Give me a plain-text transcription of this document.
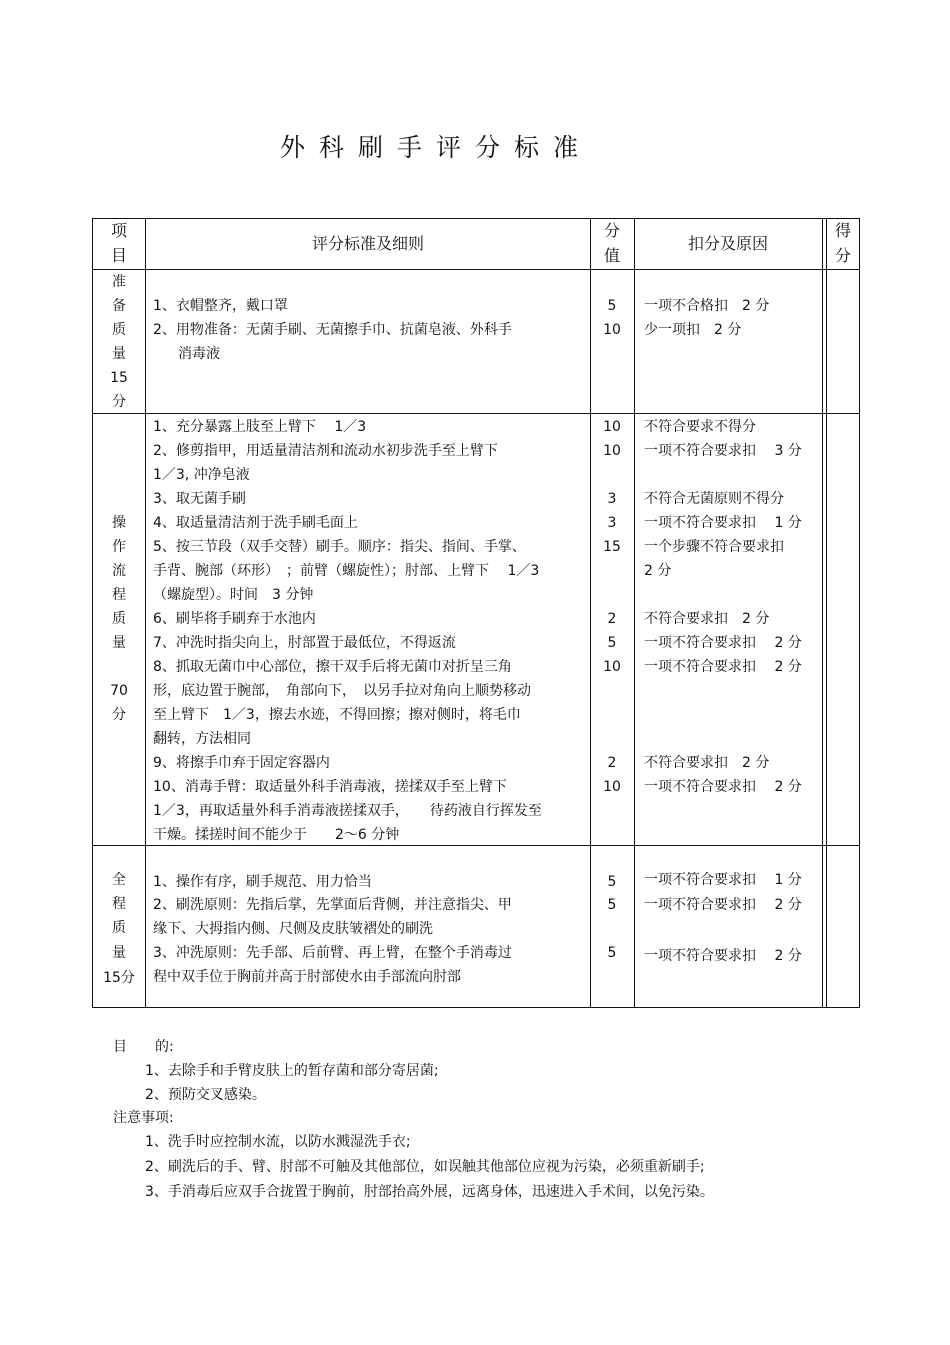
外科刷手评分标准
项
目
评分标准及细则
分
值
扣分及原因
得
分
准
备
质
量
15
分
1、衣帽整齐，戴口罩
2、用物准备：无菌手刷、无菌擦手巾、抗菌皂液、外科手
消毒液
5
10
一项不合格扣　2 分
少一项扣　2 分
操
作
流
程
质
量
70
分
1、充分暴露上肢至上臂下　 1／3
2、修剪指甲，用适量清洁剂和流动水初步洗手至上臂下
1／3, 冲净皂液
3、取无菌手刷
4、取适量清洁剂于洗手刷毛面上
5、按三节段（双手交替）刷手。顺序：指尖、指间、手掌、
手背、腕部（环形）　；前臂（螺旋性）；肘部、上臂下　 1／3
（螺旋型）。时间　3 分钟
6、刷毕将手刷弃于水池内
7、冲洗时指尖向上，肘部置于最低位，不得返流
8、抓取无菌巾中心部位，擦干双手后将无菌巾对折呈三角
形，底边置于腕部，　角部向下，　以另手拉对角向上顺势移动
至上臂下　1／3，擦去水迹，不得回擦；擦对侧时，将毛巾
翻转，方法相同
9、将擦手巾弃于固定容器内
10、消毒手臂：取适量外科手消毒液，搓揉双手至上臂下
1／3，再取适量外科手消毒液搓揉双手，　　待药液自行挥发至
干燥。揉搓时间不能少于　　2～6 分钟
10
10
3
3
15
2
5
10
2
10
不符合要求不得分
一项不符合要求扣　 3 分
不符合无菌原则不得分
一项不符合要求扣　 1 分
一个步骤不符合要求扣
2 分
不符合要求扣　2 分
一项不符合要求扣　 2 分
一项不符合要求扣　 2 分
不符合要求扣　2 分
一项不符合要求扣　 2 分
全
程
质
量
15分
1、操作有序，刷手规范、用力恰当
2、刷洗原则：先指后掌，先掌面后背侧，并注意指尖、甲
缘下、大拇指内侧、尺侧及皮肤皱褶处的刷洗
3、冲洗原则：先手部、后前臂、再上臂，在整个手消毒过
程中双手位于胸前并高于肘部使水由手部流向肘部
5
5
5
一项不符合要求扣　 1 分
一项不符合要求扣　 2 分
一项不符合要求扣　 2 分
目　　的:
1、去除手和手臂皮肤上的暂存菌和部分寄居菌;
2、预防交叉感染。
注意事项:
1、洗手时应控制水流，以防水溅湿洗手衣;
2、刷洗后的手、臂、肘部不可触及其他部位，如误触其他部位应视为污染，必须重新刷手;
3、手消毒后应双手合拢置于胸前，肘部抬高外展，远离身体，迅速进入手术间，以免污染。
